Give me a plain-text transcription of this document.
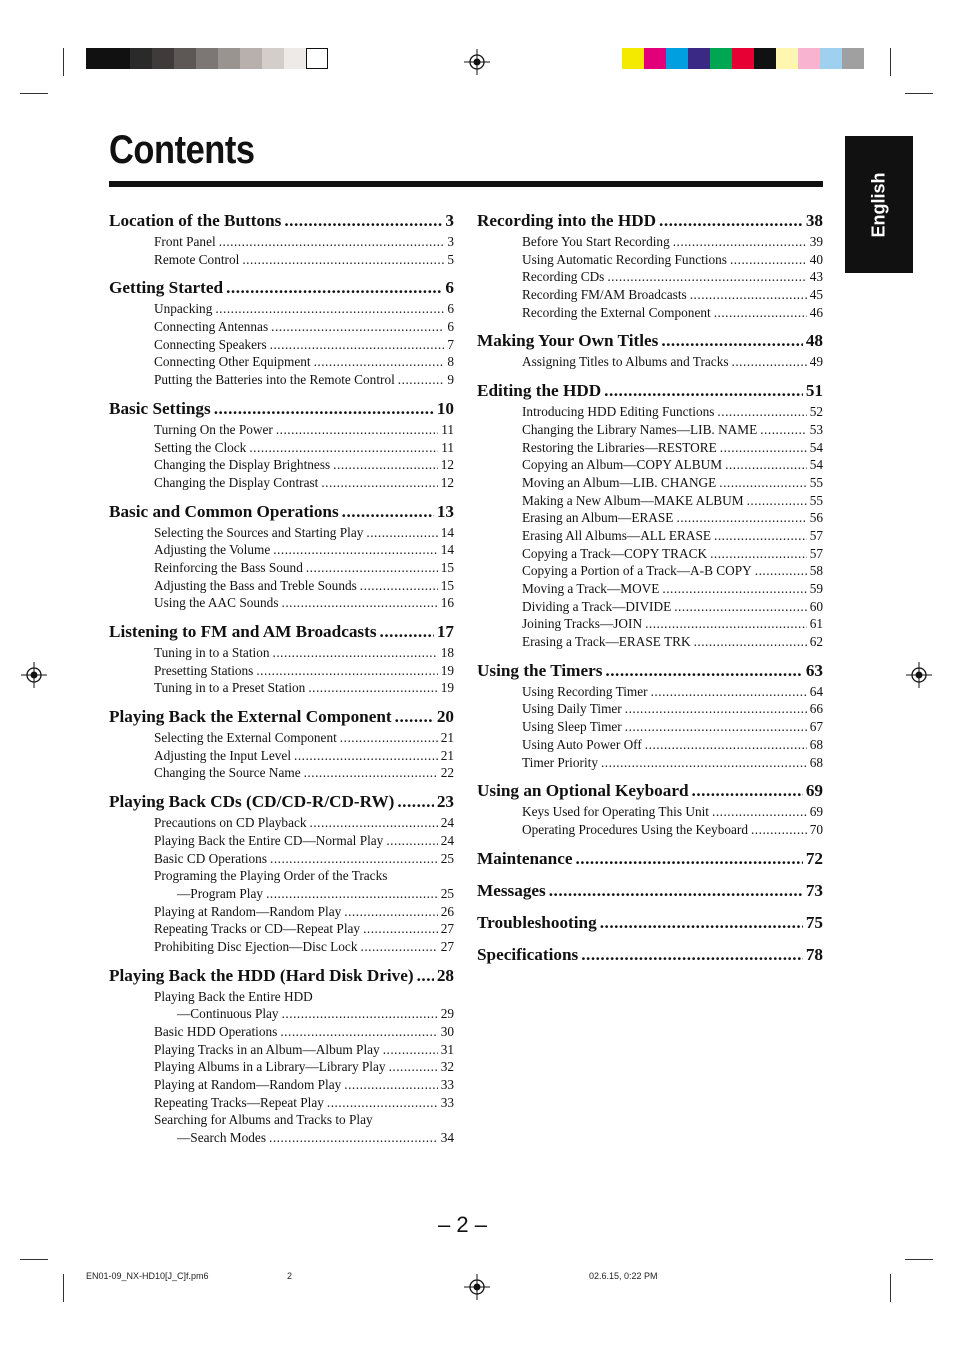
Contents
English
Location of the Buttons .....	3
Front Panel .....	3
Remote Control .....	5
Getting Started .....	6
Unpacking .....	6
Connecting Antennas .....	6
Connecting Speakers .....	7
Connecting Other Equipment .....	8
Putting the Batteries into the Remote Control .....	9
Basic Settings .....	10
Turning On the Power .....	11
Setting the Clock .....	11
Changing the Display Brightness .....	12
Changing the Display Contrast .....	12
Basic and Common Operations .....	13
Selecting the Sources and Starting Play .....	14
Adjusting the Volume .....	14
Reinforcing the Bass Sound .....	15
Adjusting the Bass and Treble Sounds .....	15
Using the AAC Sounds .....	16
Listening to FM and AM Broadcasts .....	17
Tuning in to a Station .....	18
Presetting Stations .....	19
Tuning in to a Preset Station .....	19
Playing Back the External Component .....	20
Selecting the External Component .....	21
Adjusting the Input Level .....	21
Changing the Source Name .....	22
Playing Back CDs (CD/CD-R/CD-RW) ..... 23
Precautions on CD Playback .....	24
Playing Back the Entire CD—Normal Play .....	24
Basic CD Operations .....	25
Programing the Playing Order of the Tracks
—Program Play .....	25
Playing at Random—Random Play .....	26
Repeating Tracks or CD—Repeat Play .....	27
Prohibiting Disc Ejection—Disc Lock .....	27
Playing Back the HDD (Hard Disk Drive) ..... 28
Playing Back the Entire HDD
—Continuous Play .....	29
Basic HDD Operations .....	30
Playing Tracks in an Album—Album Play .....	31
Playing Albums in a Library—Library Play .....	32
Playing at Random—Random Play .....	33
Repeating Tracks—Repeat Play .....	33
Searching for Albums and Tracks to Play
—Search Modes .....	34
Recording into the HDD .....	38
Before You Start Recording .....	39
Using Automatic Recording Functions .....	40
Recording CDs .....	43
Recording FM/AM Broadcasts .....	45
Recording the External Component .....	46
Making Your Own Titles .....	48
Assigning Titles to Albums and Tracks .....	49
Editing the HDD .....	51
Introducing HDD Editing Functions .....	52
Changing the Library Names—LIB. NAME .....	53
Restoring the Libraries—RESTORE .....	54
Copying an Album—COPY ALBUM .....	54
Moving an Album—LIB. CHANGE .....	55
Making a New Album—MAKE ALBUM .....	55
Erasing an Album—ERASE .....	56
Erasing All Albums—ALL ERASE .....	57
Copying a Track—COPY TRACK .....	57
Copying a Portion of a Track—A-B COPY .....	58
Moving a Track—MOVE .....	59
Dividing a Track—DIVIDE .....	60
Joining Tracks—JOIN .....	61
Erasing a Track—ERASE TRK .....	62
Using the Timers .....	63
Using Recording Timer .....	64
Using Daily Timer .....	66
Using Sleep Timer .....	67
Using Auto Power Off .....	68
Timer Priority .....	68
Using an Optional Keyboard .....	69
Keys Used for Operating This Unit .....	69
Operating Procedures Using the Keyboard .....	70
Maintenance .....	72
Messages .....	73
Troubleshooting .....	75
Specifications .....	78
– 2 –
EN01-09_NX-HD10[J_C]f.pm6	2	02.6.15, 0:22 PM
